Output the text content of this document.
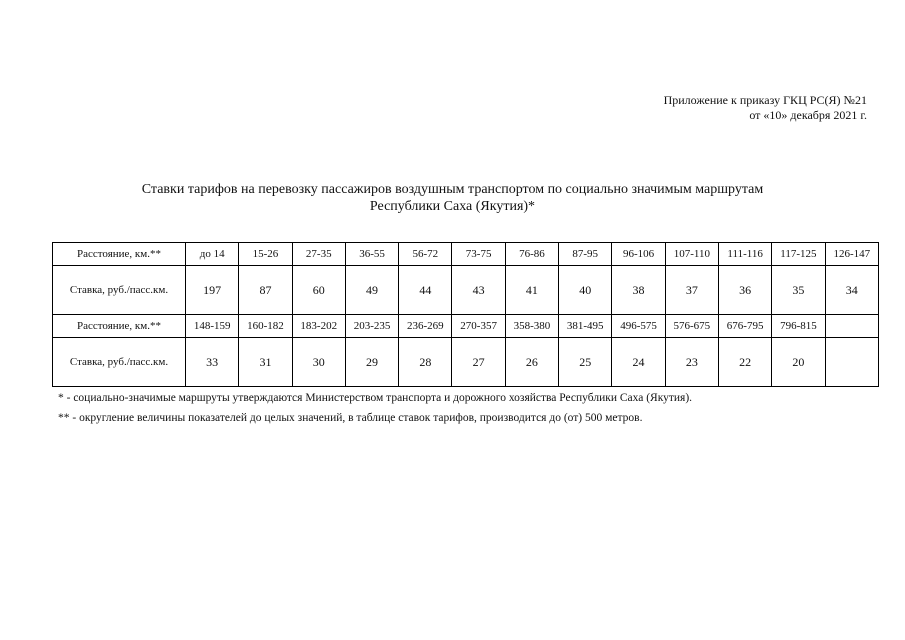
Приложение к приказу ГКЦ РС(Я) №21
от «10» декабря 2021 г.
Ставки тарифов на перевозку пассажиров воздушным транспортом по социально значимым маршрутам
Республики Саха (Якутия)*
Расстояние, км.**	до 14	15-26	27-35	36-55	56-72	73-75	76-86	87-95	96-106	107-110	111-116	117-125	126-147
Ставка, руб./пасс.км.	197	87	60	49	44	43	41	40	38	37	36	35	34
Расстояние, км.**	148-159	160-182	183-202	203-235	236-269	270-357	358-380	381-495	496-575	576-675	676-795	796-815	
Ставка, руб./пасс.км.	33	31	30	29	28	27	26	25	24	23	22	20	

* - социально-значимые маршруты утверждаются Министерством транспорта и дорожного хозяйства Республики Саха (Якутия).

** - округление величины показателей до целых значений, в таблице ставок тарифов, производится до (от) 500 метров.
